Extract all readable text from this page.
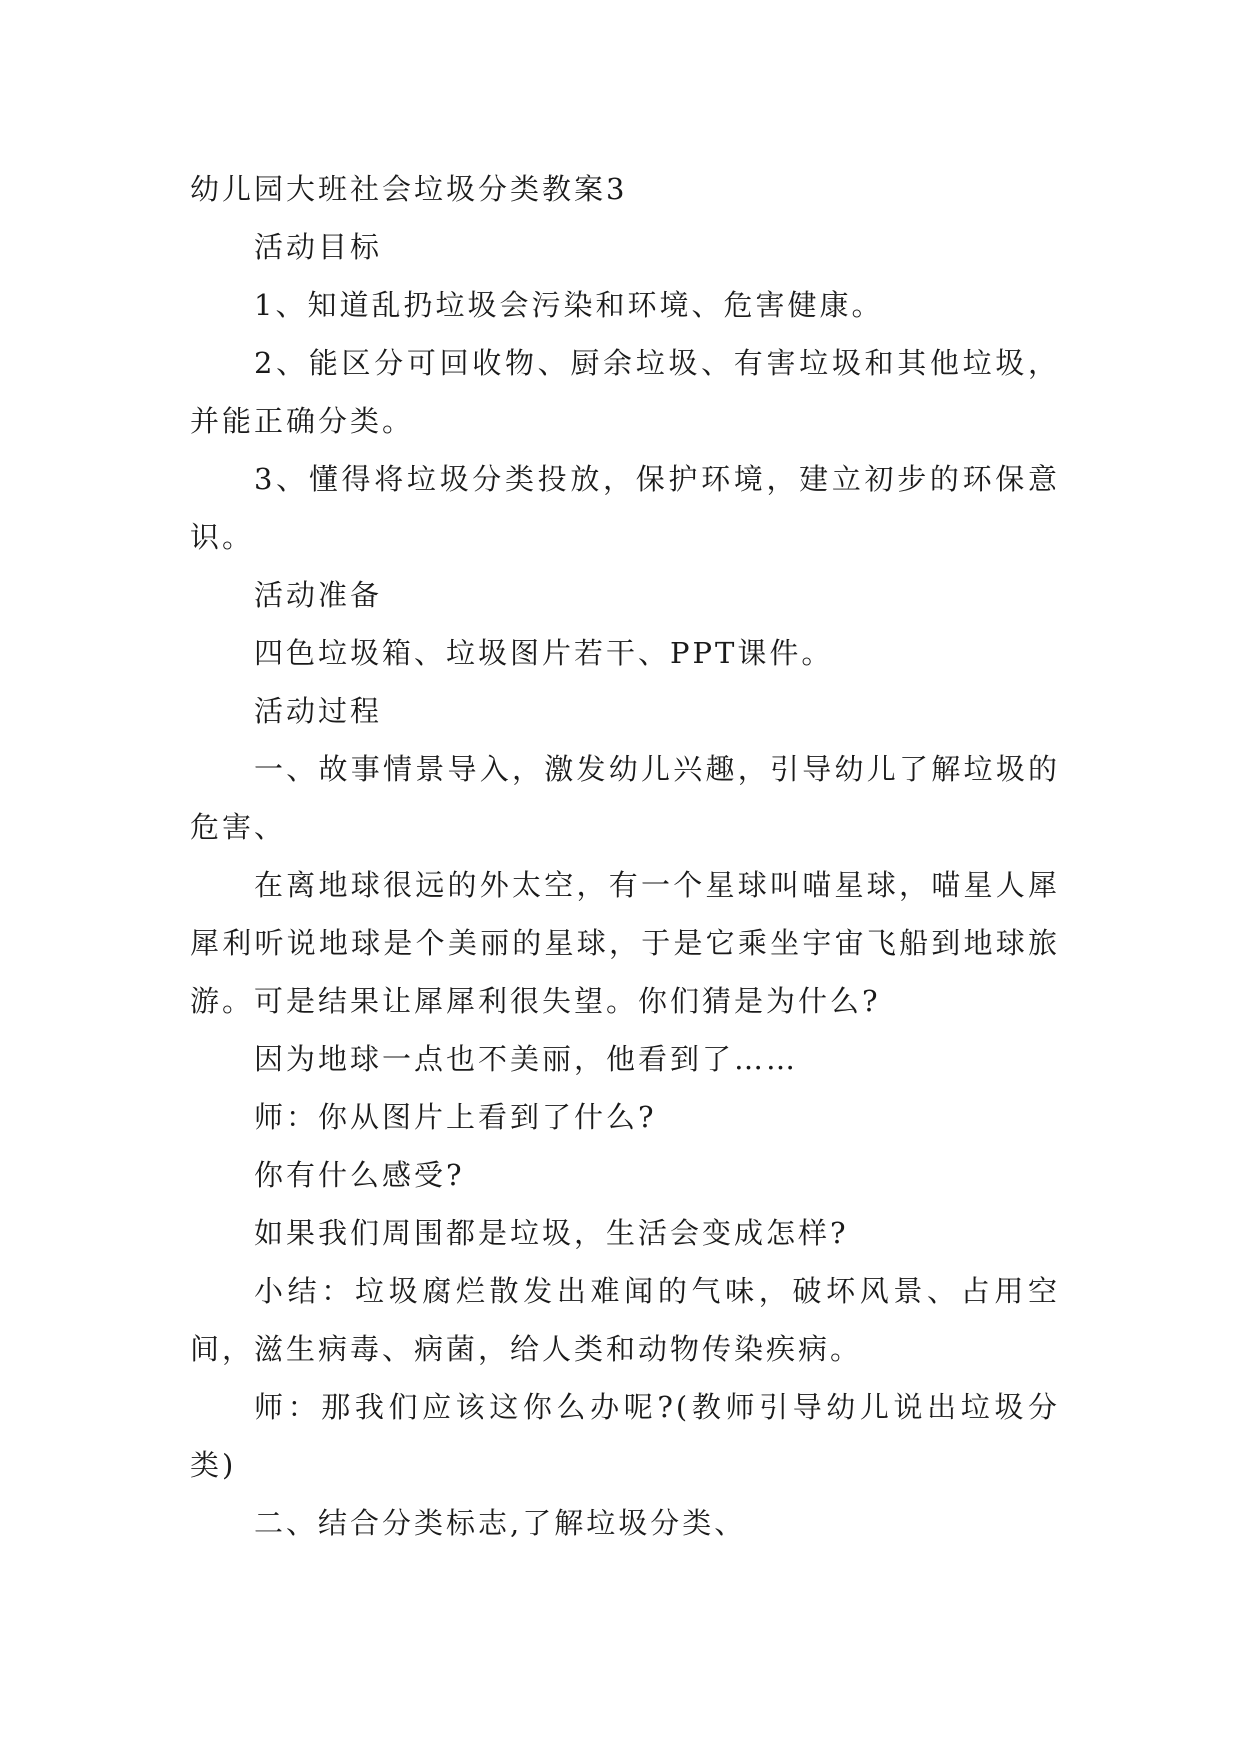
幼儿园大班社会垃圾分类教案3

活动目标

1、知道乱扔垃圾会污染和环境、危害健康。

2、能区分可回收物、厨余垃圾、有害垃圾和其他垃圾，并能正确分类。

3、懂得将垃圾分类投放，保护环境，建立初步的环保意识。

活动准备

四色垃圾箱、垃圾图片若干、PPT课件。

活动过程

一、故事情景导入，激发幼儿兴趣，引导幼儿了解垃圾的危害、

在离地球很远的外太空，有一个星球叫喵星球，喵星人犀犀利听说地球是个美丽的星球，于是它乘坐宇宙飞船到地球旅游。可是结果让犀犀利很失望。你们猜是为什么?

因为地球一点也不美丽，他看到了……

师：你从图片上看到了什么?

你有什么感受?

如果我们周围都是垃圾，生活会变成怎样?

小结：垃圾腐烂散发出难闻的气味，破坏风景、占用空间，滋生病毒、病菌，给人类和动物传染疾病。

师：那我们应该这你么办呢?(教师引导幼儿说出垃圾分类)

二、结合分类标志,了解垃圾分类、
